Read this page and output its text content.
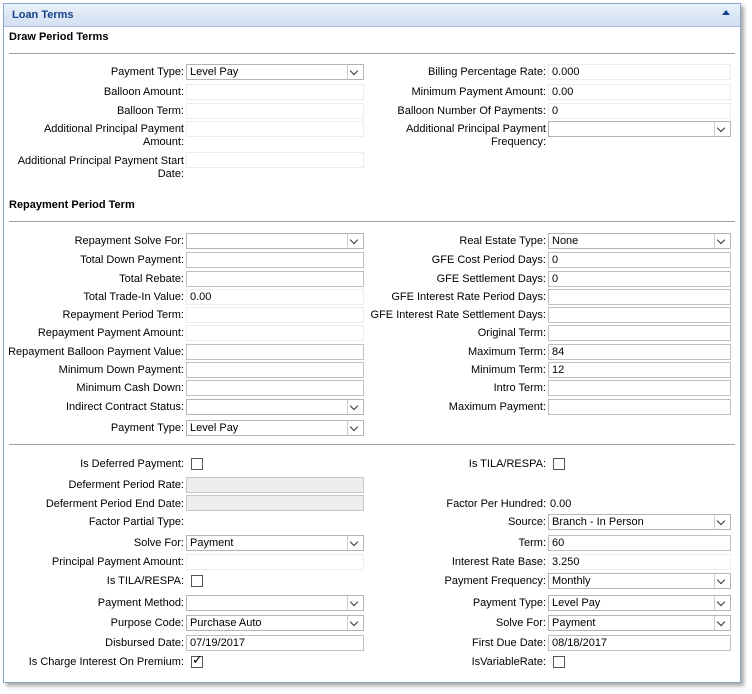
Loan Terms
Draw Period Terms
Payment Type: Level Pay
Balloon Amount:
Balloon Term:
Additional Principal Payment
Amount:
Additional Principal Payment Start
Date:
Billing Percentage Rate: 0.000
Minimum Payment Amount: 0.00
Balloon Number Of Payments: 0
Additional Principal Payment
Frequency:
Repayment Period Term
Repayment Solve For:
Total Down Payment:
Total Rebate:
Total Trade-In Value: 0.00
Repayment Period Term:
Repayment Payment Amount:
Repayment Balloon Payment Value:
Minimum Down Payment:
Minimum Cash Down:
Indirect Contract Status:
Payment Type: Level Pay
Real Estate Type: None
GFE Cost Period Days: 0
GFE Settlement Days: 0
GFE Interest Rate Period Days:
GFE Interest Rate Settlement Days:
Original Term:
Maximum Term: 84
Minimum Term: 12
Intro Term:
Maximum Payment:
Is Deferred Payment:
Deferment Period Rate:
Deferment Period End Date:
Factor Partial Type:
Solve For: Payment
Principal Payment Amount:
Is TILA/RESPA:
Payment Method:
Purpose Code: Purchase Auto
Disbursed Date: 07/19/2017
Is Charge Interest On Premium: ✓
Is TILA/RESPA:
Factor Per Hundred: 0.00
Source: Branch - In Person
Term: 60
Interest Rate Base: 3.250
Payment Frequency: Monthly
Payment Type: Level Pay
Solve For: Payment
First Due Date: 08/18/2017
IsVariableRate:
